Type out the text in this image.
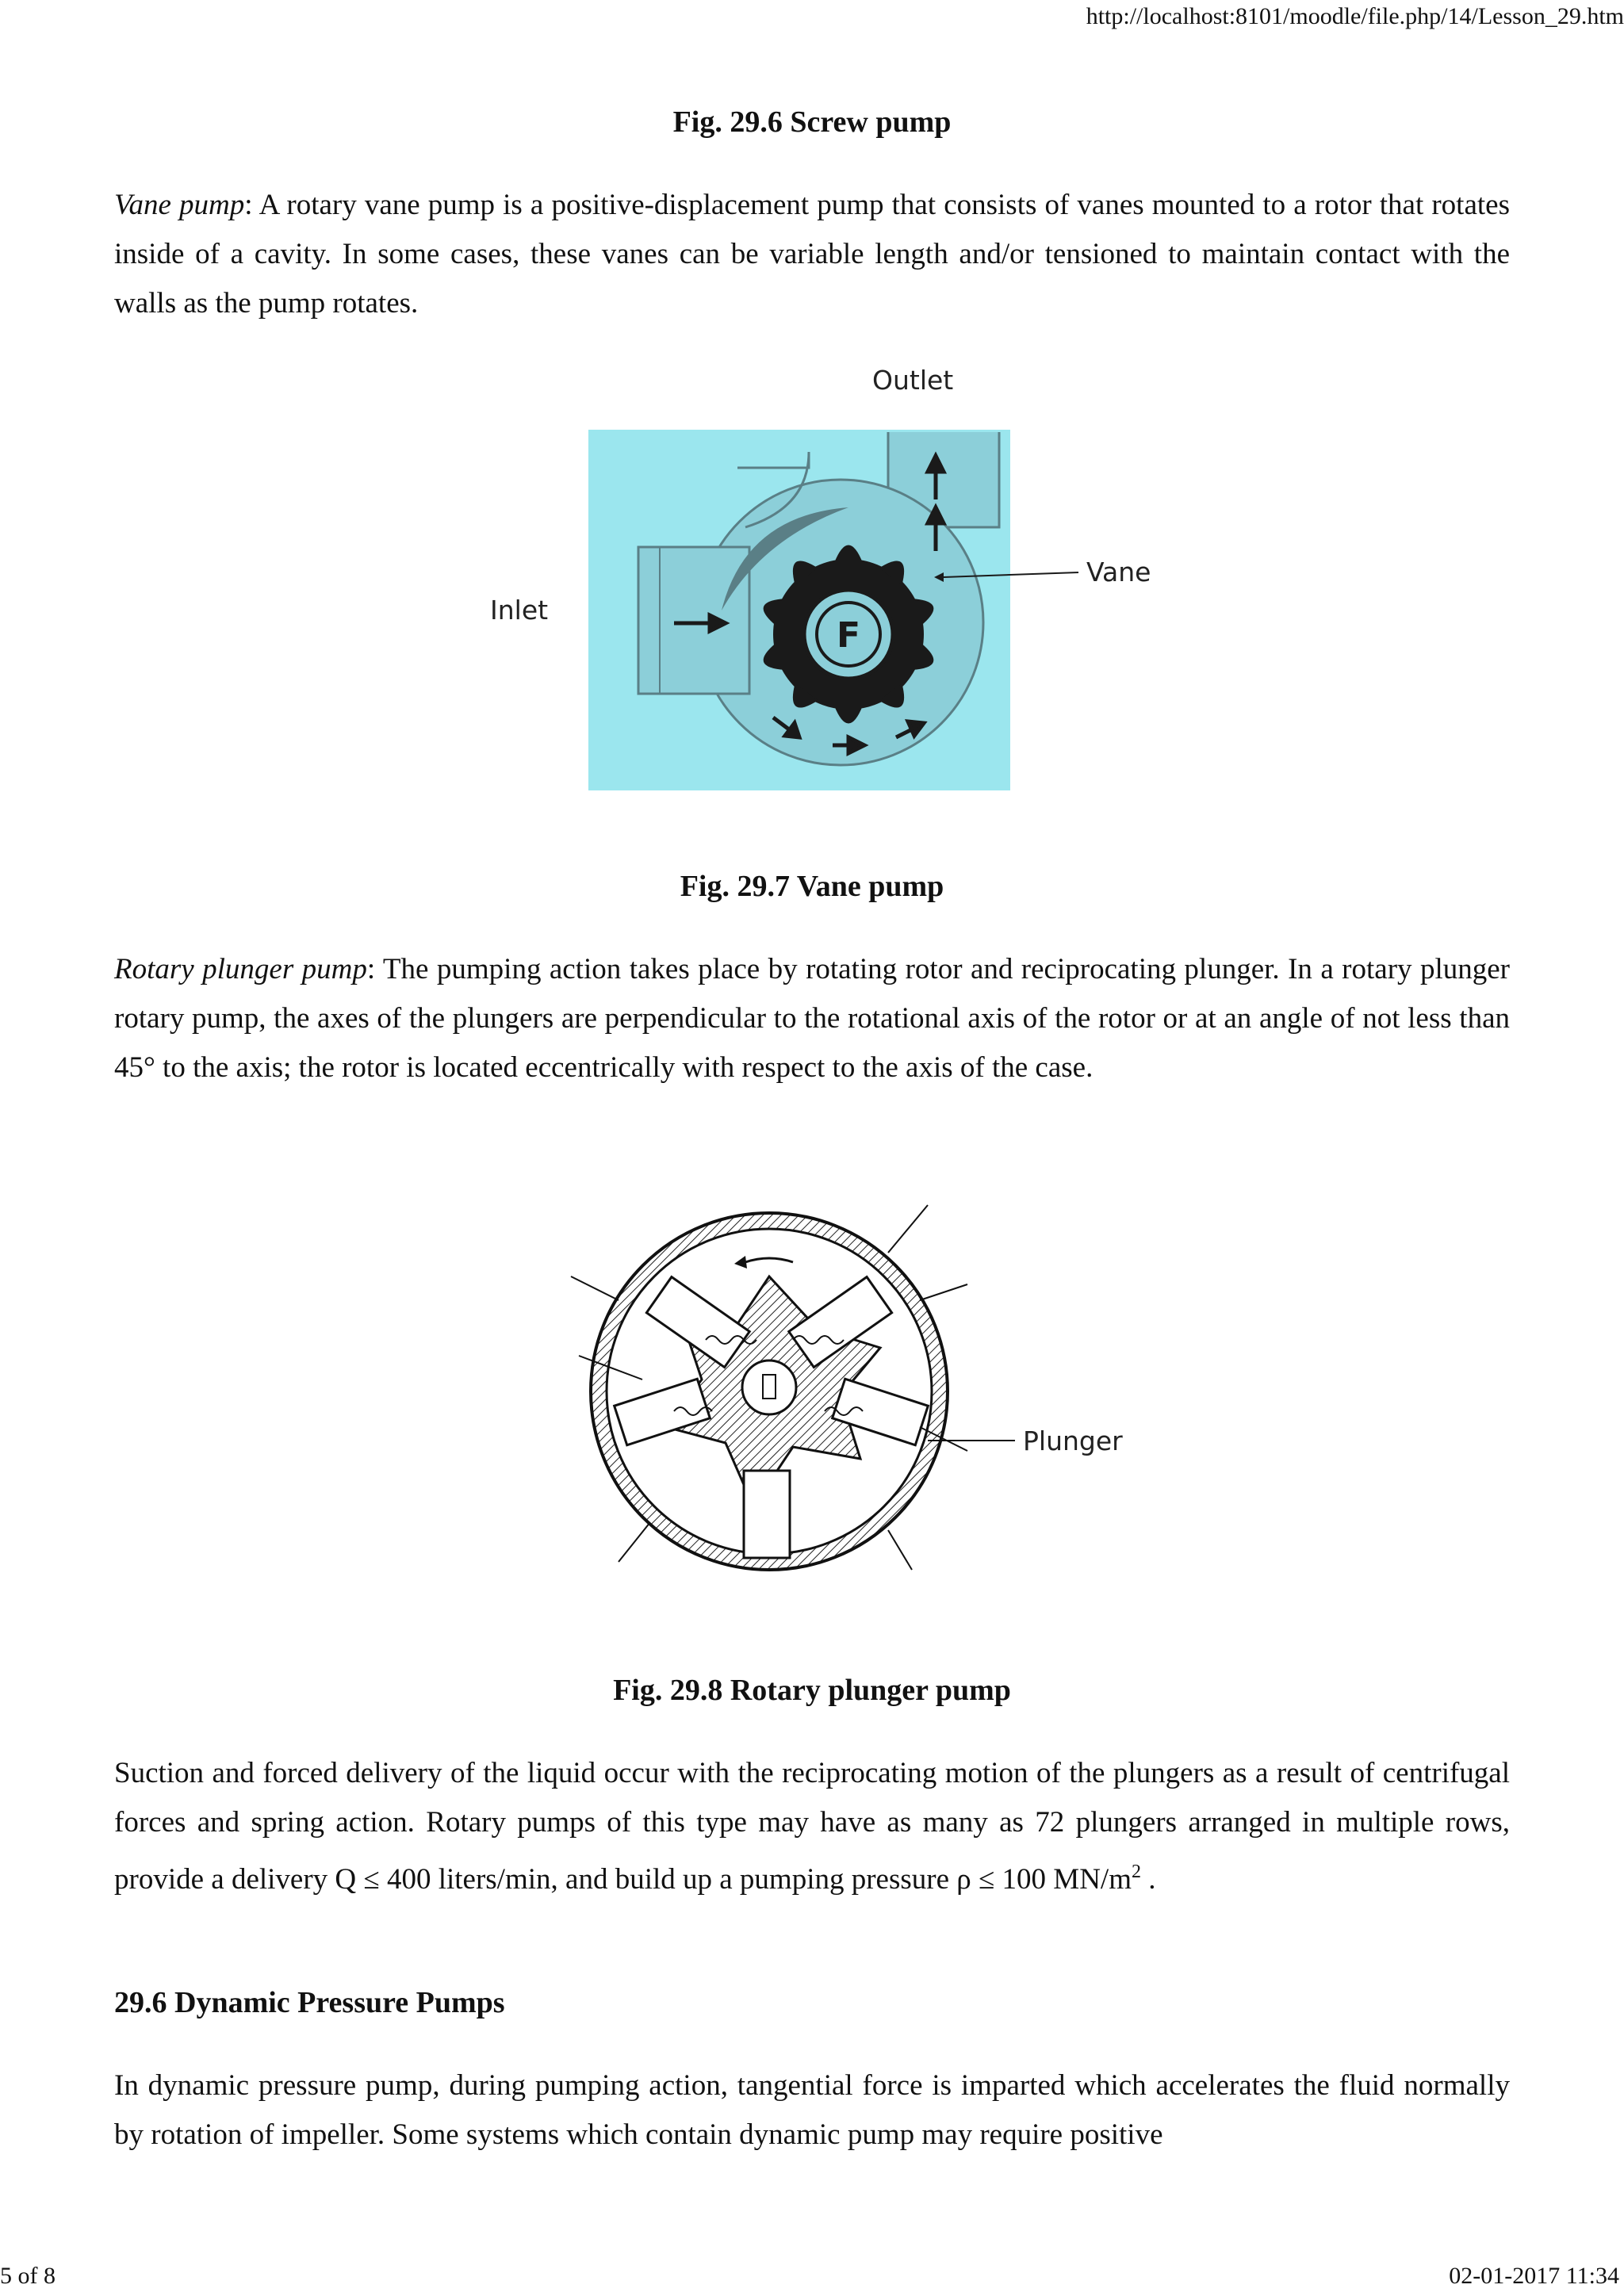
http://localhost:8101/moodle/file.php/14/Lesson_29.htm
Fig. 29.6 Screw pump
Vane pump: A rotary vane pump is a positive-displacement pump that consists of vanes mounted to a rotor that rotates inside of a cavity. In some cases, these vanes can be variable length and/or tensioned to maintain contact with the walls as the pump rotates.
Outlet
Inlet
Vane
F
Fig. 29.7 Vane pump
Rotary plunger pump: The pumping action takes place by rotating rotor and reciprocating plunger. In a rotary plunger rotary pump, the axes of the plungers are perpendicular to the rotational axis of the rotor or at an angle of not less than 45° to the axis; the rotor is located eccentrically with respect to the axis of the case.
Plunger
Fig. 29.8 Rotary plunger pump
Suction and forced delivery of the liquid occur with the reciprocating motion of the plungers as a result of centrifugal forces and spring action. Rotary pumps of this type may have as many as 72 plungers arranged in multiple rows, provide a delivery Q ≤ 400 liters/min, and build up a pumping pressure ρ ≤ 100 $MN/m^2$ .
29.6 Dynamic Pressure Pumps
In dynamic pressure pump, during pumping action, tangential force is imparted which accelerates the fluid normally by rotation of impeller. Some systems which contain dynamic pump may require positive
5 of 8	02-01-2017 11:34
